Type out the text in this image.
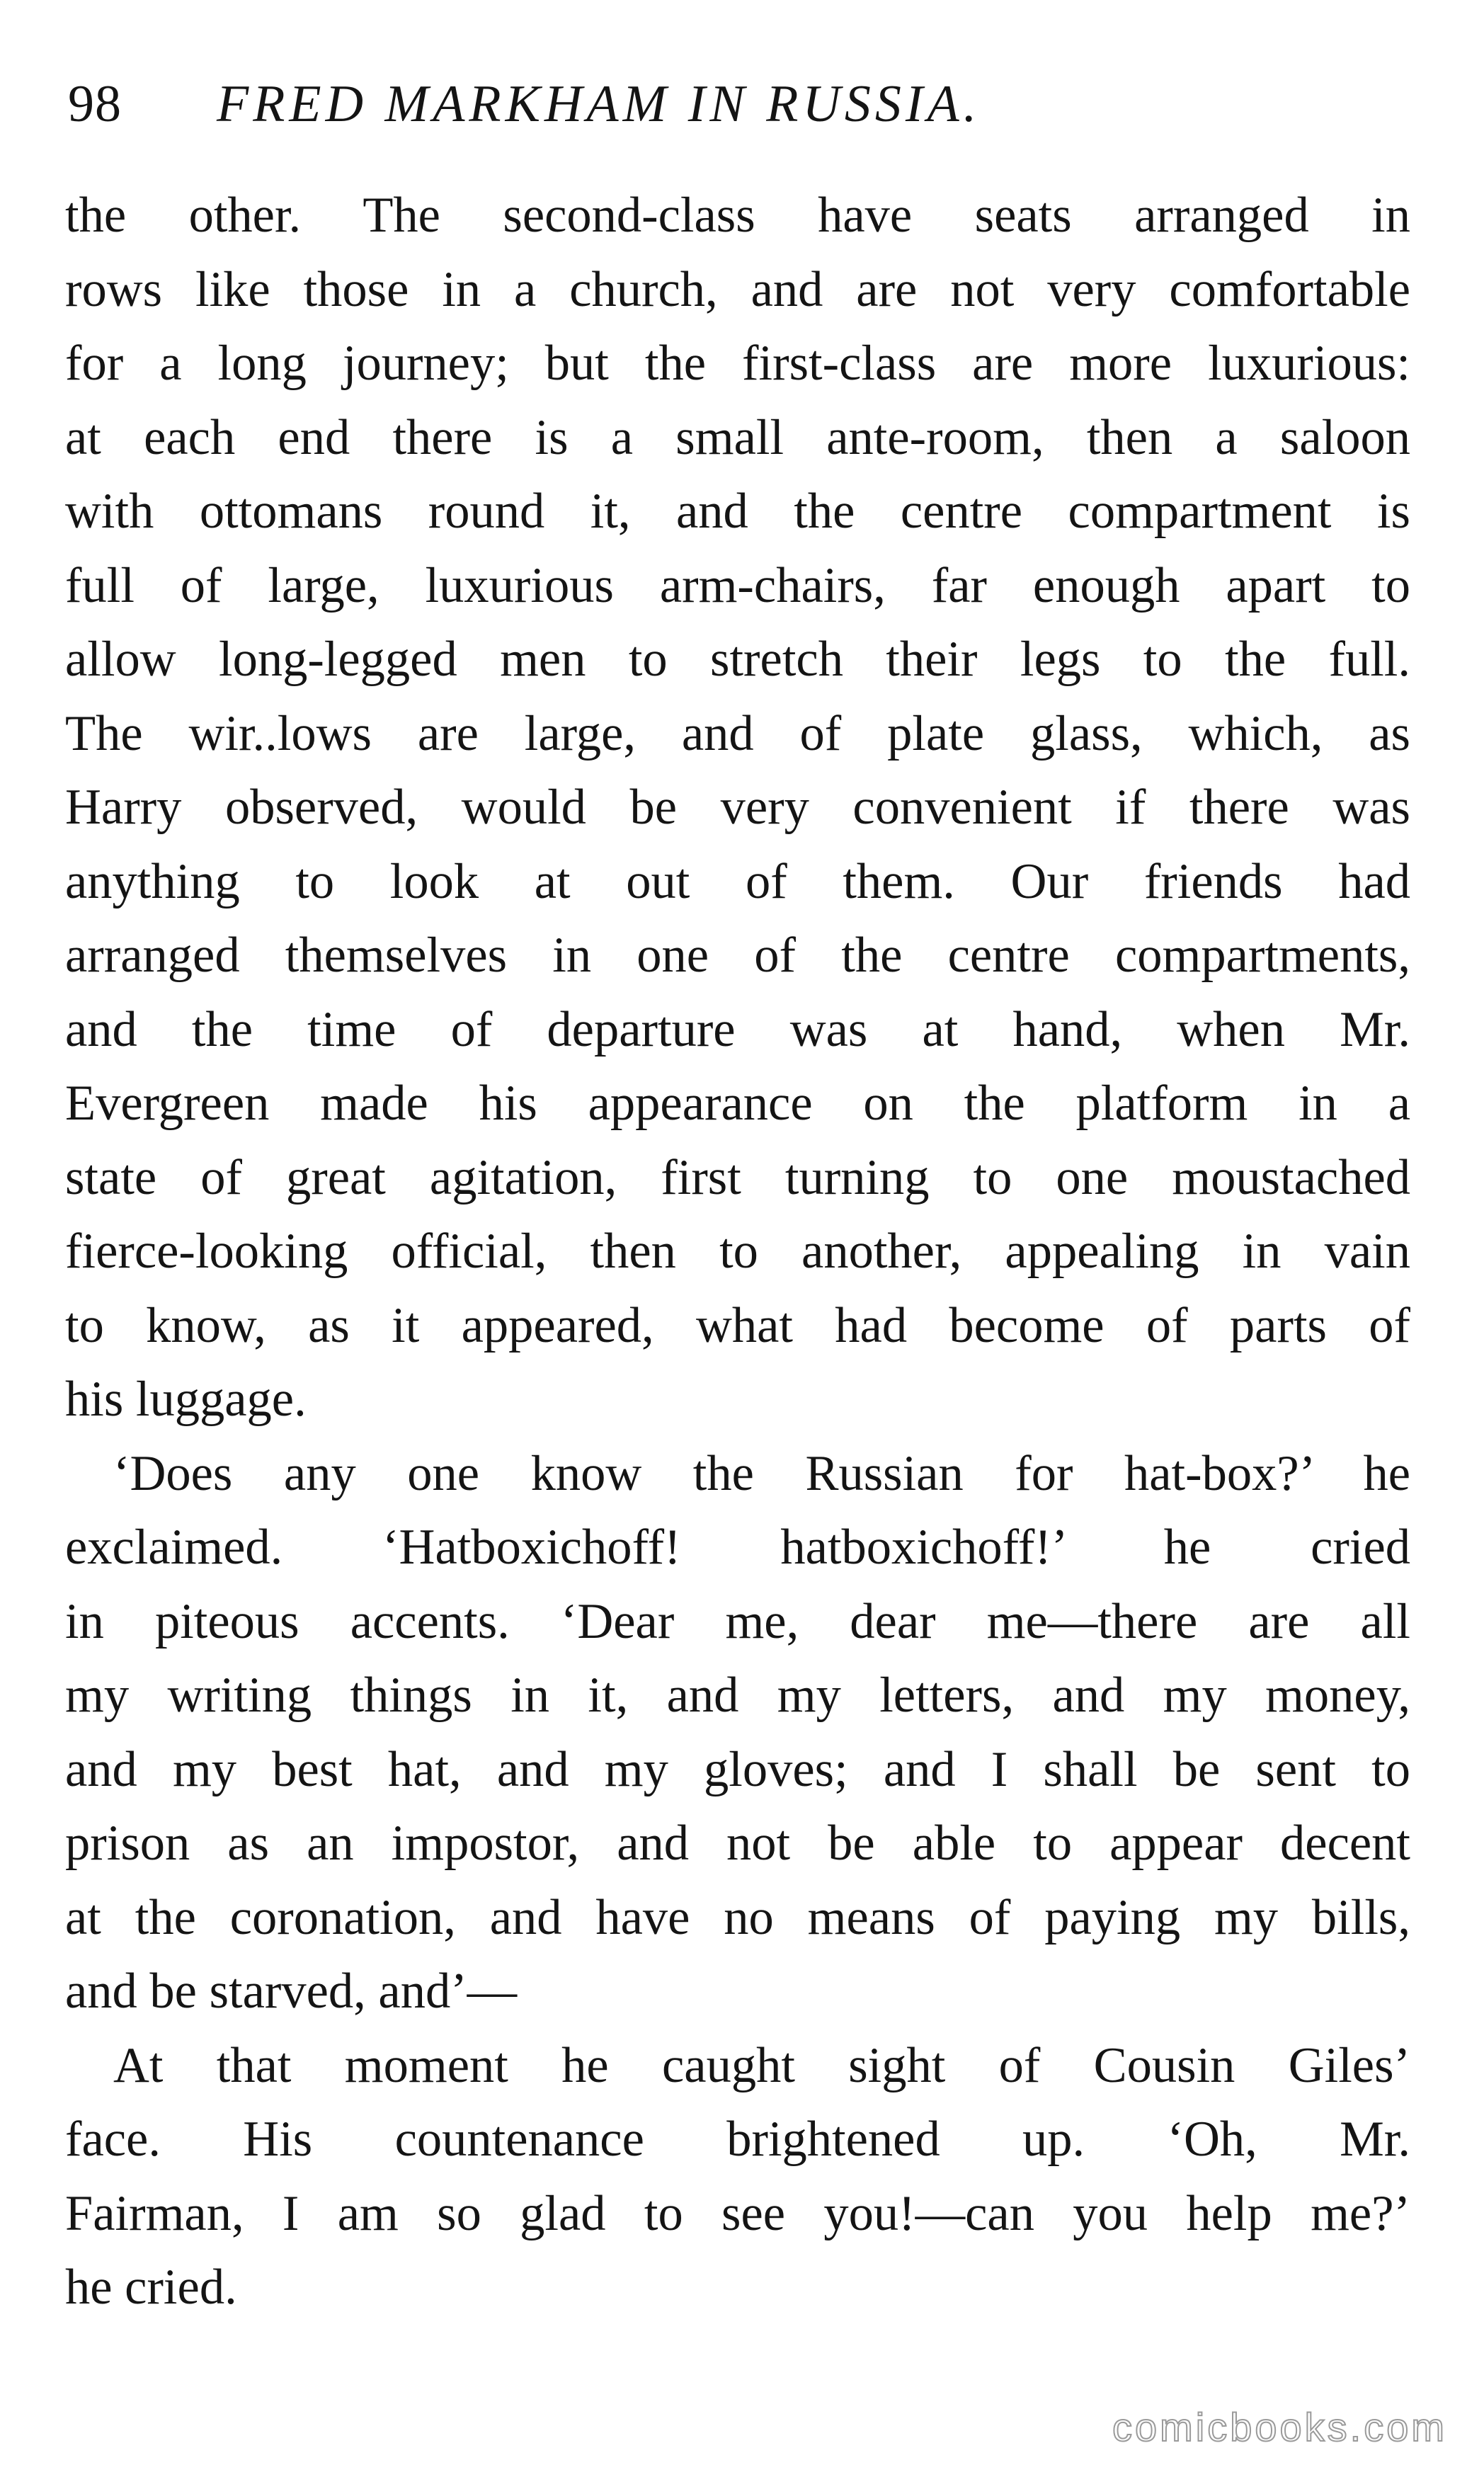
98	FRED MARKHAM IN RUSSIA.
the other. The second-class have seats arranged in
rows like those in a church, and are not very comfortable
for a long journey; but the first-class are more luxurious:
at each end there is a small ante-room, then a saloon
with ottomans round it, and the centre compartment is
full of large, luxurious arm-chairs, far enough apart to
allow long-legged men to stretch their legs to the full.
The wir..lows are large, and of plate glass, which, as
Harry observed, would be very convenient if there was
anything to look at out of them. Our friends had
arranged themselves in one of the centre compartments,
and the time of departure was at hand, when Mr.
Evergreen made his appearance on the platform in a
state of great agitation, first turning to one moustached
fierce-looking official, then to another, appealing in vain
to know, as it appeared, what had become of parts of
his luggage.
‘Does any one know the Russian for hat-box?’ he
exclaimed. ‘Hatboxichoff! hatboxichoff!’ he cried
in piteous accents. ‘Dear me, dear me—there are all
my writing things in it, and my letters, and my money,
and my best hat, and my gloves; and I shall be sent to
prison as an impostor, and not be able to appear decent
at the coronation, and have no means of paying my bills,
and be starved, and’—
At that moment he caught sight of Cousin Giles’
face. His countenance brightened up. ‘Oh, Mr.
Fairman, I am so glad to see you!—can you help me?’
he cried.
comicbooks.com
